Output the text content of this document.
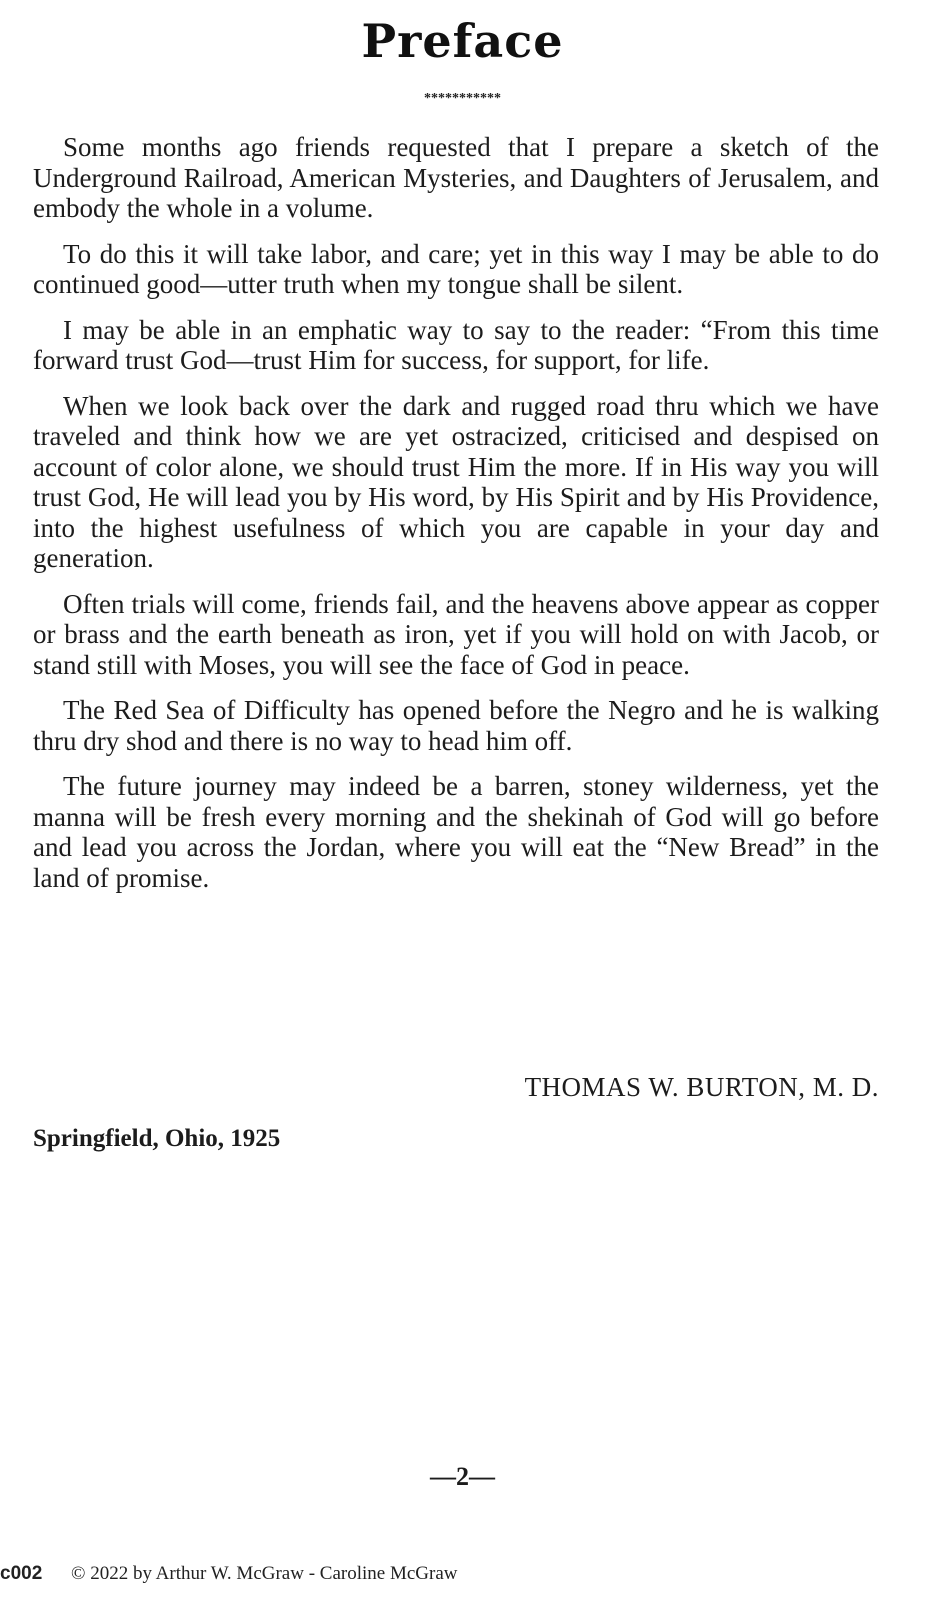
Preface
***********

Some months ago friends requested that I prepare a sketch of the Underground Railroad, American Mysteries, and Daughters of Jerusalem, and embody the whole in a volume.

To do this it will take labor, and care; yet in this way I may be able to do continued good—utter truth when my tongue shall be silent.

I may be able in an emphatic way to say to the reader: “From this time forward trust God—trust Him for success, for support, for life.

When we look back over the dark and rugged road thru which we have traveled and think how we are yet ostracized, criticised and despised on account of color alone, we should trust Him the more. If in His way you will trust God, He will lead you by His word, by His Spirit and by His Providence, into the highest usefulness of which you are capable in your day and generation.

Often trials will come, friends fail, and the heavens above appear as copper or brass and the earth beneath as iron, yet if you will hold on with Jacob, or stand still with Moses, you will see the face of God in peace.

The Red Sea of Difficulty has opened before the Negro and he is walking thru dry shod and there is no way to head him off.

The future journey may indeed be a barren, stoney wilderness, yet the manna will be fresh every morning and the shekinah of God will go before and lead you across the Jordan, where you will eat the “New Bread” in the land of promise.

THOMAS W. BURTON, M. D.
Springfield, Ohio, 1925
—2—
c002 © 2022 by Arthur W. McGraw - Caroline McGraw
